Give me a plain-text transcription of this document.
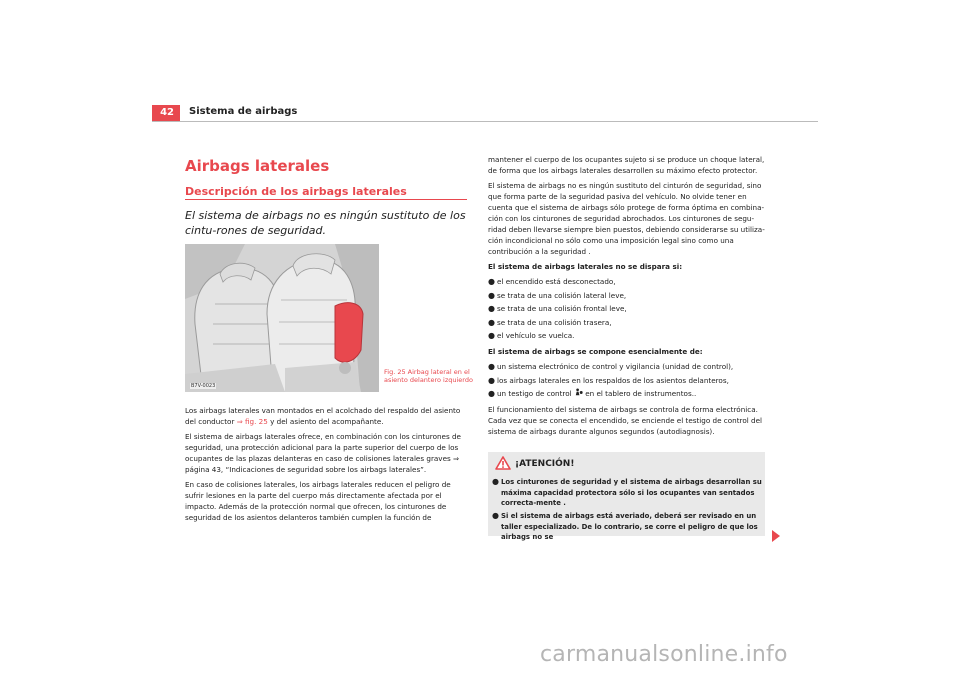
42	Sistema de airbags
Airbags laterales
Descripción de los airbags laterales
El sistema de airbags no es ningún sustituto de los cintu-rones de seguridad.
B7V-0023
Fig. 25 Airbag lateral en el asiento delantero izquierdo

Los airbags laterales van montados en el acolchado del respaldo del asiento del conductor ⇒ fig. 25 y del asiento del acompañante.

El sistema de airbags laterales ofrece, en combinación con los cinturones de seguridad, una protección adicional para la parte superior del cuerpo de los ocupantes de las plazas delanteras en caso de colisiones laterales graves ⇒ página 43, “Indicaciones de seguridad sobre los airbags laterales”.

En caso de colisiones laterales, los airbags laterales reducen el peligro de sufrir lesiones en la parte del cuerpo más directamente afectada por el impacto. Además de la protección normal que ofrecen, los cinturones de seguridad de los asientos delanteros también cumplen la función de

mantener el cuerpo de los ocupantes sujeto si se produce un choque lateral, de forma que los airbags laterales desarrollen su máximo efecto protector.

El sistema de airbags no es ningún sustituto del cinturón de seguridad, sino que forma parte de la seguridad pasiva del vehículo. No olvide tener en cuenta que el sistema de airbags sólo protege de forma óptima en combina-ción con los cinturones de seguridad abrochados. Los cinturones de segu-ridad deben llevarse siempre bien puestos, debiendo considerarse su utiliza-ción incondicional no sólo como una imposición legal sino como una contribución a la seguridad .

El sistema de airbags laterales no se dispara si:

● el encendido está desconectado,
● se trata de una colisión lateral leve,
● se trata de una colisión frontal leve,
● se trata de una colisión trasera,
● el vehículo se vuelca.

El sistema de airbags se compone esencialmente de:

● un sistema electrónico de control y vigilancia (unidad de control),
● los airbags laterales en los respaldos de los asientos delanteros,
● un testigo de control  en el tablero de instrumentos..

El funcionamiento del sistema de airbags se controla de forma electrónica. Cada vez que se conecta el encendido, se enciende el testigo de control del sistema de airbags durante algunos segundos (autodiagnosis).

¡ATENCIÓN!
● Los cinturones de seguridad y el sistema de airbags desarrollan su máxima capacidad protectora sólo si los ocupantes van sentados correcta-mente .
● Si el sistema de airbags está averiado, deberá ser revisado en un taller especializado. De lo contrario, se corre el peligro de que los airbags no se
carmanualsonline.info
